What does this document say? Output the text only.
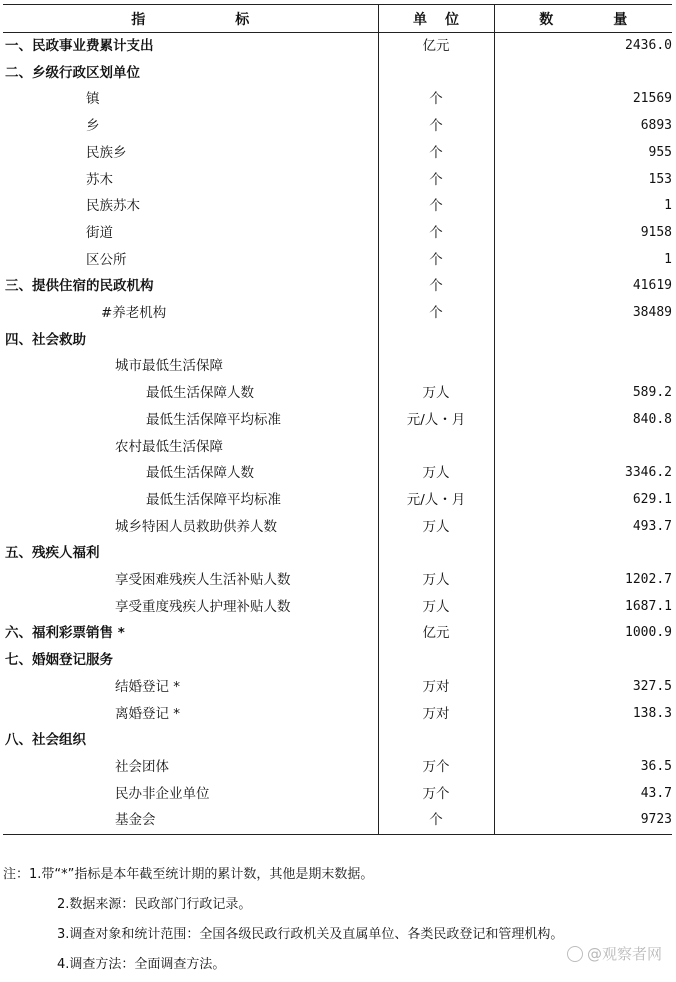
指 标	单 位	数 量

一、民政事业费累计支出	亿元	2436.0
二、乡级行政区划单位		
镇	个	21569
乡	个	6893
民族乡	个	955
苏木	个	153
民族苏木	个	1
街道	个	9158
区公所	个	1
三、提供住宿的民政机构	个	41619
#养老机构	个	38489
四、社会救助		
城市最低生活保障		
最低生活保障人数	万人	589.2
最低生活保障平均标准	元/人・月	840.8
农村最低生活保障		
最低生活保障人数	万人	3346.2
最低生活保障平均标准	元/人・月	629.1
城乡特困人员救助供养人数	万人	493.7
五、残疾人福利		
享受困难残疾人生活补贴人数	万人	1202.7
享受重度残疾人护理补贴人数	万人	1687.1
六、福利彩票销售 *	亿元	1000.9
七、婚姻登记服务		
结婚登记 *	万对	327.5
离婚登记 *	万对	138.3
八、社会组织		
社会团体	万个	36.5
民办非企业单位	万个	43.7
基金会	个	9723
注：1.带“*”指标是本年截至统计期的累计数，其他是期末数据。
2.数据来源：民政部门行政记录。
3.调查对象和统计范围：全国各级民政行政机关及直属单位、各类民政登记和管理机构。
4.调查方法：全面调查方法。
@观察者网
